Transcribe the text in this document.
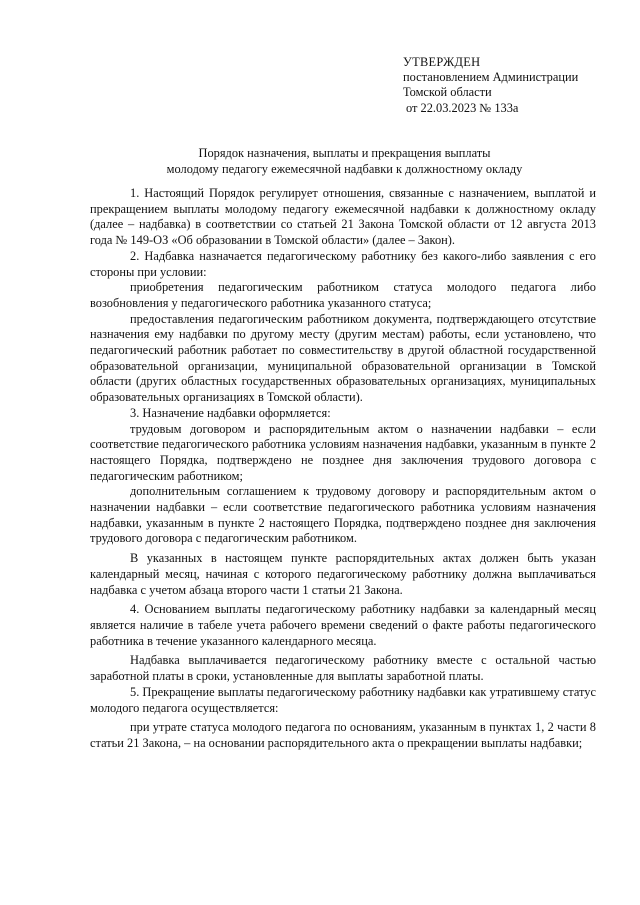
УТВЕРЖДЕН
постановлением Администрации
Томской области
от 22.03.2023 № 133а
Порядок назначения, выплаты и прекращения выплаты
молодому педагогу ежемесячной надбавки к должностному окладу

1. Настоящий Порядок регулирует отношения, связанные с назначением, выплатой и прекращением выплаты молодому педагогу ежемесячной надбавки к должностному окладу (далее – надбавка) в соответствии со статьей 21 Закона Томской области от 12 августа 2013 года № 149-ОЗ «Об образовании в Томской области» (далее – Закон).

2. Надбавка назначается педагогическому работнику без какого-либо заявления с его стороны при условии:

приобретения педагогическим работником статуса молодого педагога либо возобновления у педагогического работника указанного статуса;

предоставления педагогическим работником документа, подтверждающего отсутствие назначения ему надбавки по другому месту (другим местам) работы, если установлено, что педагогический работник работает по совместительству в другой областной государственной образовательной организации, муниципальной образовательной организации в Томской области (других областных государственных образовательных организациях, муниципальных образовательных организациях в Томской области).

3. Назначение надбавки оформляется:

трудовым договором и распорядительным актом о назначении надбавки – если соответствие педагогического работника условиям назначения надбавки, указанным в пункте 2 настоящего Порядка, подтверждено не позднее дня заключения трудового договора с педагогическим работником;

дополнительным соглашением к трудовому договору и распорядительным актом о назначении надбавки – если соответствие педагогического работника условиям назначения надбавки, указанным в пункте 2 настоящего Порядка, подтверждено позднее дня заключения трудового договора с педагогическим работником.

В указанных в настоящем пункте распорядительных актах должен быть указан календарный месяц, начиная с которого педагогическому работнику должна выплачиваться надбавка с учетом абзаца второго части 1 статьи 21 Закона.

4. Основанием выплаты педагогическому работнику надбавки за календарный месяц является наличие в табеле учета рабочего времени сведений о факте работы педагогического работника в течение указанного календарного месяца.

Надбавка выплачивается педагогическому работнику вместе с остальной частью заработной платы в сроки, установленные для выплаты заработной платы.

5. Прекращение выплаты педагогическому работнику надбавки как утратившему статус молодого педагога осуществляется:

при утрате статуса молодого педагога по основаниям, указанным в пунктах 1, 2 части 8 статьи 21 Закона, – на основании распорядительного акта о прекращении выплаты надбавки;
